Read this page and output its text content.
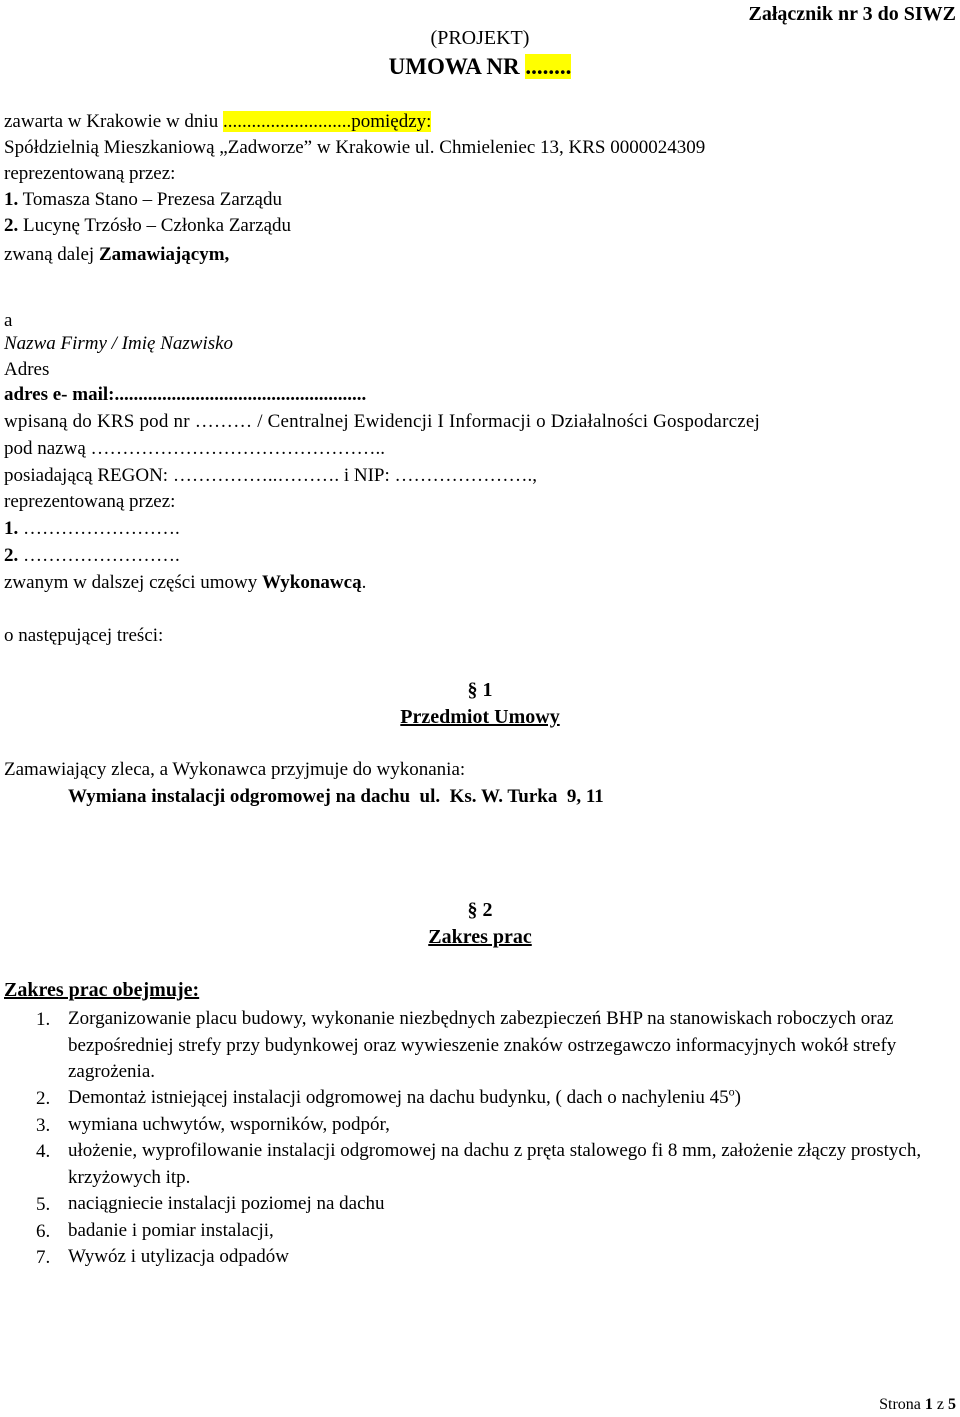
Załącznik nr 3 do SIWZ
(PROJEKT)
UMOWA NR ........
zawarta w Krakowie w dniu ...........................pomiędzy:
Spółdzielnią Mieszkaniową „Zadworze” w Krakowie ul. Chmieleniec 13, KRS 0000024309
reprezentowaną przez:
1. Tomasza Stano – Prezesa Zarządu
2. Lucynę Trzósło – Członka Zarządu
zwaną dalej Zamawiającym,
a
Nazwa Firmy / Imię Nazwisko
Adres
adres e- mail:.....................................................
wpisaną do KRS pod nr ……… / Centralnej Ewidencji I Informacji o Działalności Gospodarczej
pod nazwą ………………………………………..
posiadającą REGON: ……………..………. i NIP: ………………….,
reprezentowaną przez:
1. …………………….
2. …………………….
zwanym w dalszej części umowy Wykonawcą.
o następującej treści:
§ 1
Przedmiot Umowy
Zamawiający zleca, a Wykonawca przyjmuje do wykonania:
Wymiana instalacji odgromowej na dachu  ul.  Ks. W. Turka  9, 11
§ 2
Zakres prac
Zakres prac obejmuje:
1. Zorganizowanie placu budowy, wykonanie niezbędnych zabezpieczeń BHP na stanowiskach roboczych oraz bezpośredniej strefy przy budynkowej oraz wywieszenie znaków ostrzegawczo informacyjnych wokół strefy zagrożenia.
2. Demontaż istniejącej instalacji odgromowej na dachu budynku, ( dach o nachyleniu 45$^o$)
3. wymiana uchwytów, wsporników, podpór,
4. ułożenie, wyprofilowanie instalacji odgromowej na dachu z pręta stalowego fi 8 mm, założenie złączy prostych, krzyżowych itp.
5. naciągniecie instalacji poziomej na dachu
6. badanie i pomiar instalacji,
7. Wywóz i utylizacja odpadów
Strona 1 z 5
